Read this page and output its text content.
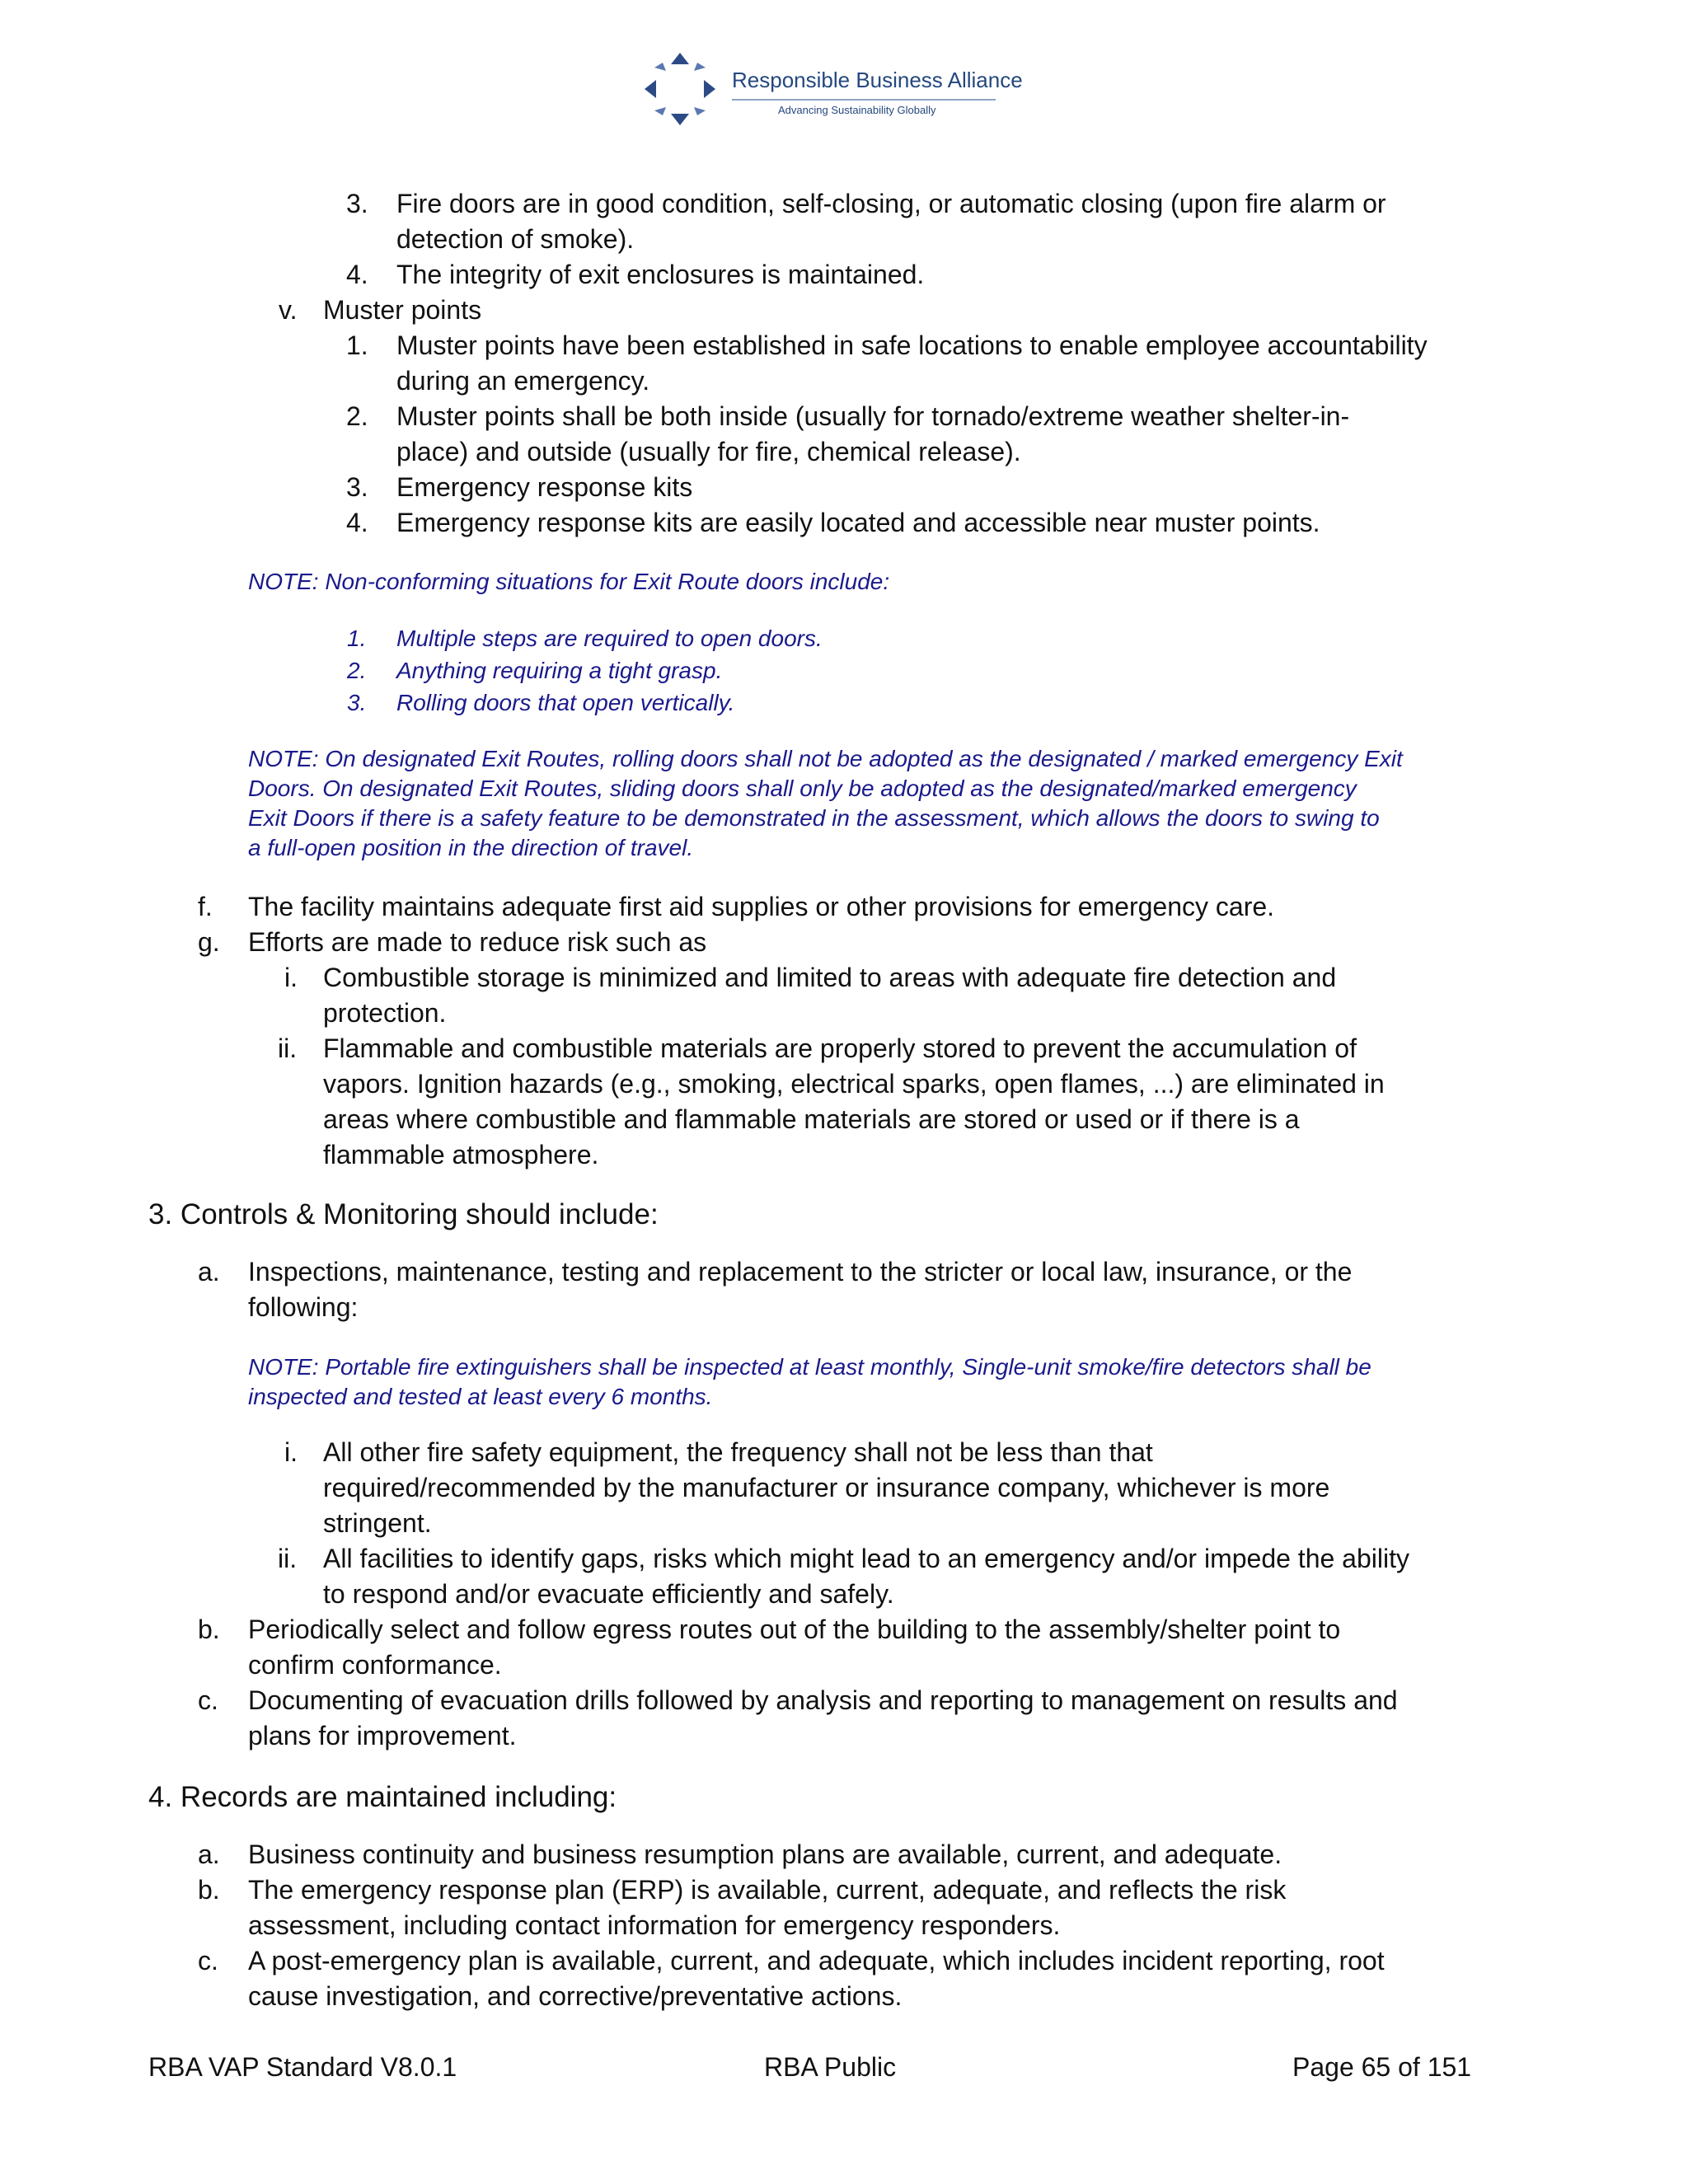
Responsible Business Alliance
Advancing Sustainability Globally
3. Fire doors are in good condition, self-closing, or automatic closing (upon fire alarm or
detection of smoke).
4. The integrity of exit enclosures is maintained.
v. Muster points
1. Muster points have been established in safe locations to enable employee accountability
during an emergency.
2. Muster points shall be both inside (usually for tornado/extreme weather shelter-in-
place) and outside (usually for fire, chemical release).
3. Emergency response kits
4. Emergency response kits are easily located and accessible near muster points.
NOTE: Non-conforming situations for Exit Route doors include:
1. Multiple steps are required to open doors.
2. Anything requiring a tight grasp.
3. Rolling doors that open vertically.
NOTE: On designated Exit Routes, rolling doors shall not be adopted as the designated / marked emergency Exit
Doors. On designated Exit Routes, sliding doors shall only be adopted as the designated/marked emergency
Exit Doors if there is a safety feature to be demonstrated in the assessment, which allows the doors to swing to
a full-open position in the direction of travel.
f. The facility maintains adequate first aid supplies or other provisions for emergency care.
g. Efforts are made to reduce risk such as
i. Combustible storage is minimized and limited to areas with adequate fire detection and
protection.
ii. Flammable and combustible materials are properly stored to prevent the accumulation of
vapors. Ignition hazards (e.g., smoking, electrical sparks, open flames, ...) are eliminated in
areas where combustible and flammable materials are stored or used or if there is a
flammable atmosphere.
3. Controls & Monitoring should include:
a. Inspections, maintenance, testing and replacement to the stricter or local law, insurance, or the
following:
NOTE: Portable fire extinguishers shall be inspected at least monthly, Single-unit smoke/fire detectors shall be
inspected and tested at least every 6 months.
i. All other fire safety equipment, the frequency shall not be less than that
required/recommended by the manufacturer or insurance company, whichever is more
stringent.
ii. All facilities to identify gaps, risks which might lead to an emergency and/or impede the ability
to respond and/or evacuate efficiently and safely.
b. Periodically select and follow egress routes out of the building to the assembly/shelter point to
confirm conformance.
c. Documenting of evacuation drills followed by analysis and reporting to management on results and
plans for improvement.
4. Records are maintained including:
a. Business continuity and business resumption plans are available, current, and adequate.
b. The emergency response plan (ERP) is available, current, adequate, and reflects the risk
assessment, including contact information for emergency responders.
c. A post-emergency plan is available, current, and adequate, which includes incident reporting, root
cause investigation, and corrective/preventative actions.
RBA VAP Standard V8.0.1	RBA Public	Page 65 of 151
